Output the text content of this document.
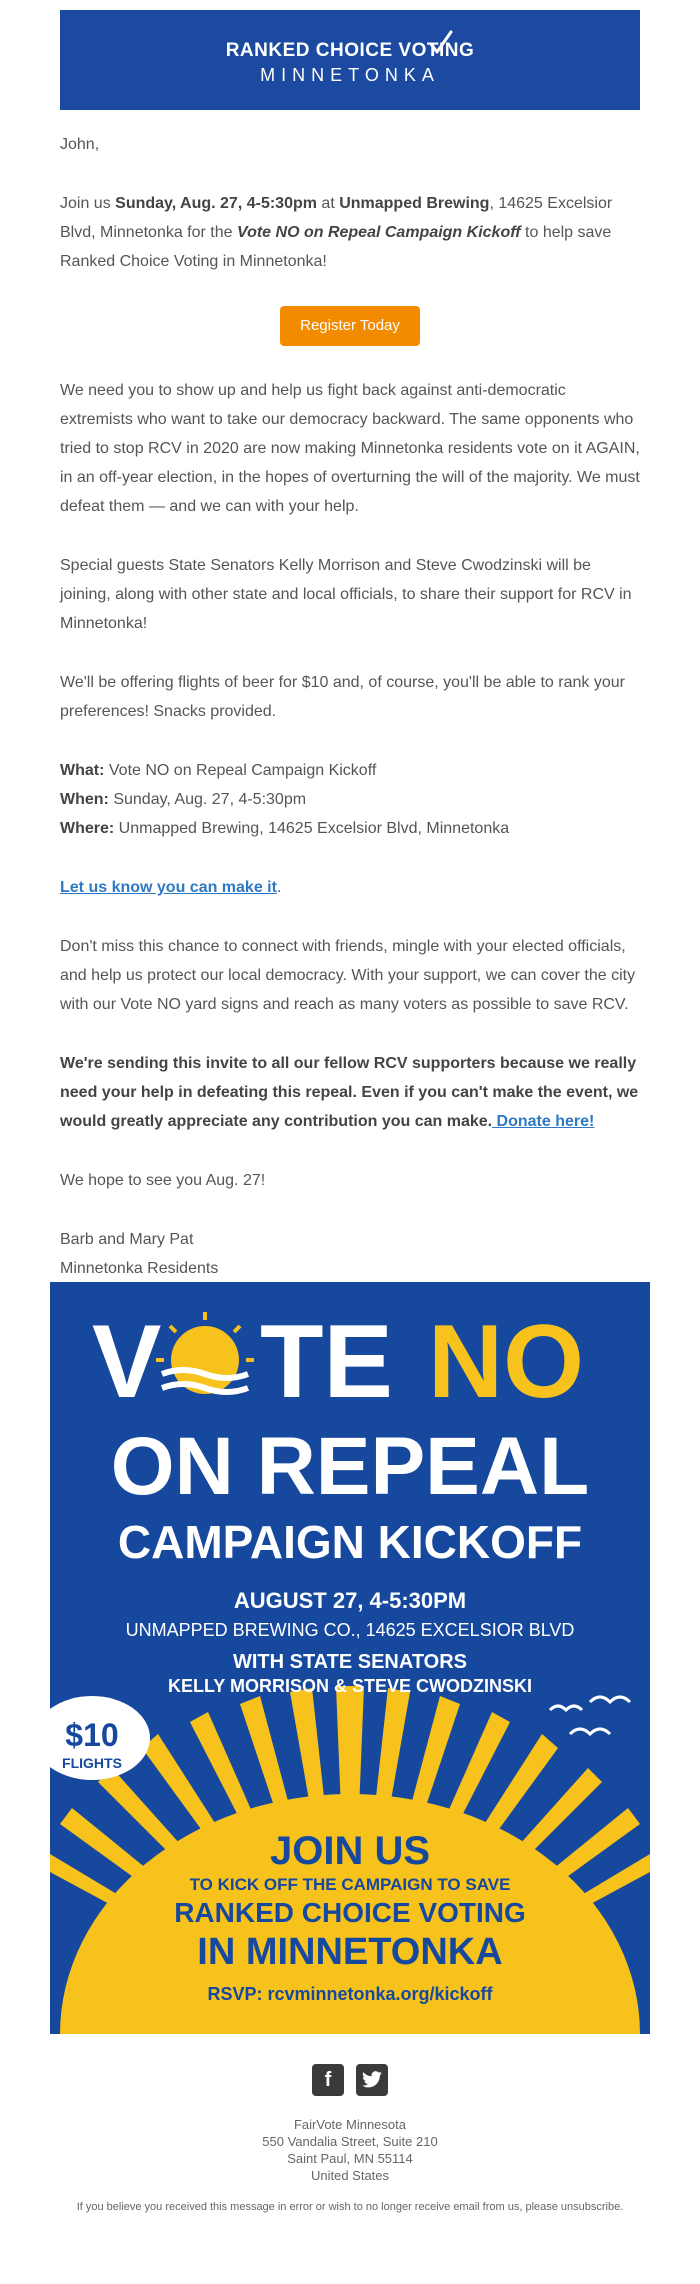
RANKED CHOICE VOTING
MINNETONKA

John,

Join us Sunday, Aug. 27, 4-5:30pm at Unmapped Brewing, 14625 Excelsior Blvd, Minnetonka for the Vote NO on Repeal Campaign Kickoff to help save Ranked Choice Voting in Minnetonka!

Register Today

We need you to show up and help us fight back against anti-democratic extremists who want to take our democracy backward. The same opponents who tried to stop RCV in 2020 are now making Minnetonka residents vote on it AGAIN, in an off-year election, in the hopes of overturning the will of the majority. We must defeat them — and we can with your help.

Special guests State Senators Kelly Morrison and Steve Cwodzinski will be joining, along with other state and local officials, to share their support for RCV in Minnetonka!

We'll be offering flights of beer for $10 and, of course, you'll be able to rank your preferences! Snacks provided.

What: Vote NO on Repeal Campaign Kickoff
When: Sunday, Aug. 27, 4-5:30pm
Where: Unmapped Brewing, 14625 Excelsior Blvd, Minnetonka

Let us know you can make it.

Don't miss this chance to connect with friends, mingle with your elected officials, and help us protect our local democracy. With your support, we can cover the city with our Vote NO yard signs and reach as many voters as possible to save RCV.

We're sending this invite to all our fellow RCV supporters because we really need your help in defeating this repeal. Even if you can't make the event, we would greatly appreciate any contribution you can make. Donate here!

We hope to see you Aug. 27!

Barb and Mary Pat
Minnetonka Residents

V TE NO
ON REPEAL
CAMPAIGN KICKOFF
AUGUST 27, 4-5:30PM
UNMAPPED BREWING CO., 14625 EXCELSIOR BLVD
WITH STATE SENATORS
KELLY MORRISON & STEVE CWODZINSKI
$10
FLIGHTS
JOIN US
TO KICK OFF THE CAMPAIGN TO SAVE
RANKED CHOICE VOTING
IN MINNETONKA
RSVP: rcvminnetonka.org/kickoff
f
FairVote Minnesota
550 Vandalia Street, Suite 210
Saint Paul, MN 55114
United States
If you believe you received this message in error or wish to no longer receive email from us, please unsubscribe.
